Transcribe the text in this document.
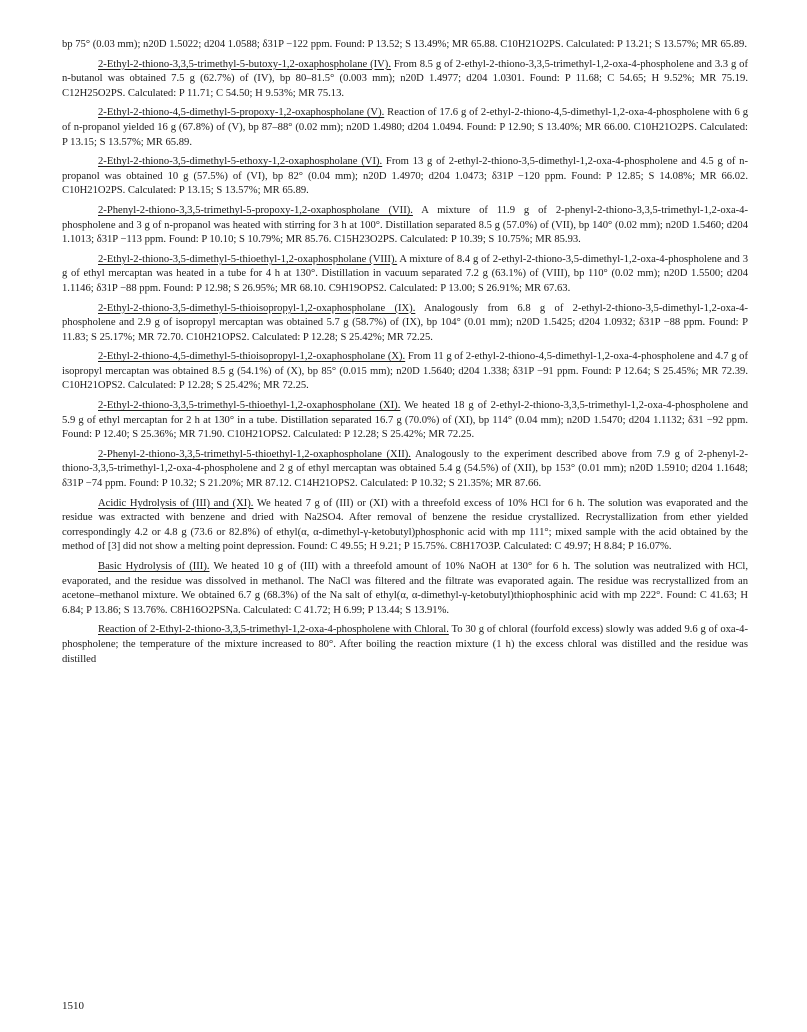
bp 75° (0.03 mm); n20D 1.5022; d204 1.0588; δ31P −122 ppm. Found: P 13.52; S 13.49%; MR 65.88. C10H21O2PS. Calculated: P 13.21; S 13.57%; MR 65.89.

2-Ethyl-2-thiono-3,3,5-trimethyl-5-butoxy-1,2-oxaphospholane (IV). From 8.5 g of 2-ethyl-2-thiono-3,3,5-trimethyl-1,2-oxa-4-phospholene and 3.3 g of n-butanol was obtained 7.5 g (62.7%) of (IV), bp 80–81.5° (0.003 mm); n20D 1.4977; d204 1.0301. Found: P 11.68; C 54.65; H 9.52%; MR 75.19. C12H25O2PS. Calculated: P 11.71; C 54.50; H 9.53%; MR 75.13.

2-Ethyl-2-thiono-4,5-dimethyl-5-propoxy-1,2-oxaphospholane (V). Reaction of 17.6 g of 2-ethyl-2-thiono-4,5-dimethyl-1,2-oxa-4-phospholene with 6 g of n-propanol yielded 16 g (67.8%) of (V), bp 87–88° (0.02 mm); n20D 1.4980; d204 1.0494. Found: P 12.90; S 13.40%; MR 66.00. C10H21O2PS. Calculated: P 13.15; S 13.57%; MR 65.89.

2-Ethyl-2-thiono-3,5-dimethyl-5-ethoxy-1,2-oxaphospholane (VI). From 13 g of 2-ethyl-2-thiono-3,5-dimethyl-1,2-oxa-4-phospholene and 4.5 g of n-propanol was obtained 10 g (57.5%) of (VI), bp 82° (0.04 mm); n20D 1.4970; d204 1.0473; δ31P −120 ppm. Found: P 12.85; S 14.08%; MR 66.02. C10H21O2PS. Calculated: P 13.15; S 13.57%; MR 65.89.

2-Phenyl-2-thiono-3,3,5-trimethyl-5-propoxy-1,2-oxaphospholane (VII). A mixture of 11.9 g of 2-phenyl-2-thiono-3,3,5-trimethyl-1,2-oxa-4-phospholene and 3 g of n-propanol was heated with stirring for 3 h at 100°. Distillation separated 8.5 g (57.0%) of (VII), bp 140° (0.02 mm); n20D 1.5460; d204 1.1013; δ31P −113 ppm. Found: P 10.10; S 10.79%; MR 85.76. C15H23O2PS. Calculated: P 10.39; S 10.75%; MR 85.93.

2-Ethyl-2-thiono-3,5-dimethyl-5-thioethyl-1,2-oxaphospholane (VIII). A mixture of 8.4 g of 2-ethyl-2-thiono-3,5-dimethyl-1,2-oxa-4-phospholene and 3 g of ethyl mercaptan was heated in a tube for 4 h at 130°. Distillation in vacuum separated 7.2 g (63.1%) of (VIII), bp 110° (0.02 mm); n20D 1.5500; d204 1.1146; δ31P −88 ppm. Found: P 12.98; S 26.95%; MR 68.10. C9H19OPS2. Calculated: P 13.00; S 26.91%; MR 67.63.

2-Ethyl-2-thiono-3,5-dimethyl-5-thioisopropyl-1,2-oxaphospholane (IX). Analogously from 6.8 g of 2-ethyl-2-thiono-3,5-dimethyl-1,2-oxa-4-phospholene and 2.9 g of isopropyl mercaptan was obtained 5.7 g (58.7%) of (IX), bp 104° (0.01 mm); n20D 1.5425; d204 1.0932; δ31P −88 ppm. Found: P 11.83; S 25.17%; MR 72.70. C10H21OPS2. Calculated: P 12.28; S 25.42%; MR 72.25.

2-Ethyl-2-thiono-4,5-dimethyl-5-thioisopropyl-1,2-oxaphospholane (X). From 11 g of 2-ethyl-2-thiono-4,5-dimethyl-1,2-oxa-4-phospholene and 4.7 g of isopropyl mercaptan was obtained 8.5 g (54.1%) of (X), bp 85° (0.015 mm); n20D 1.5640; d204 1.338; δ31P −91 ppm. Found: P 12.64; S 25.45%; MR 72.39. C10H21OPS2. Calculated: P 12.28; S 25.42%; MR 72.25.

2-Ethyl-2-thiono-3,3,5-trimethyl-5-thioethyl-1,2-oxaphospholane (XI). We heated 18 g of 2-ethyl-2-thiono-3,3,5-trimethyl-1,2-oxa-4-phospholene and 5.9 g of ethyl mercaptan for 2 h at 130° in a tube. Distillation separated 16.7 g (70.0%) of (XI), bp 114° (0.04 mm); n20D 1.5470; d204 1.1132; δ31 −92 ppm. Found: P 12.40; S 25.36%; MR 71.90. C10H21OPS2. Calculated: P 12.28; S 25.42%; MR 72.25.

2-Phenyl-2-thiono-3,3,5-trimethyl-5-thioethyl-1,2-oxaphospholane (XII). Analogously to the experiment described above from 7.9 g of 2-phenyl-2-thiono-3,3,5-trimethyl-1,2-oxa-4-phospholene and 2 g of ethyl mercaptan was obtained 5.4 g (54.5%) of (XII), bp 153° (0.01 mm); n20D 1.5910; d204 1.1648; δ31P −74 ppm. Found: P 10.32; S 21.20%; MR 87.12. C14H21OPS2. Calculated: P 10.32; S 21.35%; MR 87.66.

Acidic Hydrolysis of (III) and (XI). We heated 7 g of (III) or (XI) with a threefold excess of 10% HCl for 6 h. The solution was evaporated and the residue was extracted with benzene and dried with Na2SO4. After removal of benzene the residue crystallized. Recrystallization from ether yielded correspondingly 4.2 or 4.8 g (73.6 or 82.8%) of ethyl(α, α-dimethyl-γ-ketobutyl)phosphonic acid with mp 111°; mixed sample with the acid obtained by the method of [3] did not show a melting point depression. Found: C 49.55; H 9.21; P 15.75%. C8H17O3P. Calculated: C 49.97; H 8.84; P 16.07%.

Basic Hydrolysis of (III). We heated 10 g of (III) with a threefold amount of 10% NaOH at 130° for 6 h. The solution was neutralized with HCl, evaporated, and the residue was dissolved in methanol. The NaCl was filtered and the filtrate was evaporated again. The residue was recrystallized from an acetone–methanol mixture. We obtained 6.7 g (68.3%) of the Na salt of ethyl(α, α-dimethyl-γ-ketobutyl)thiophosphinic acid with mp 222°. Found: C 41.63; H 6.84; P 13.86; S 13.76%. C8H16O2PSNa. Calculated: C 41.72; H 6.99; P 13.44; S 13.91%.

Reaction of 2-Ethyl-2-thiono-3,3,5-trimethyl-1,2-oxa-4-phospholene with Chloral. To 30 g of chloral (fourfold excess) slowly was added 9.6 g of oxa-4-phospholene; the temperature of the mixture increased to 80°. After boiling the reaction mixture (1 h) the excess chloral was distilled and the residue was distilled

1510
